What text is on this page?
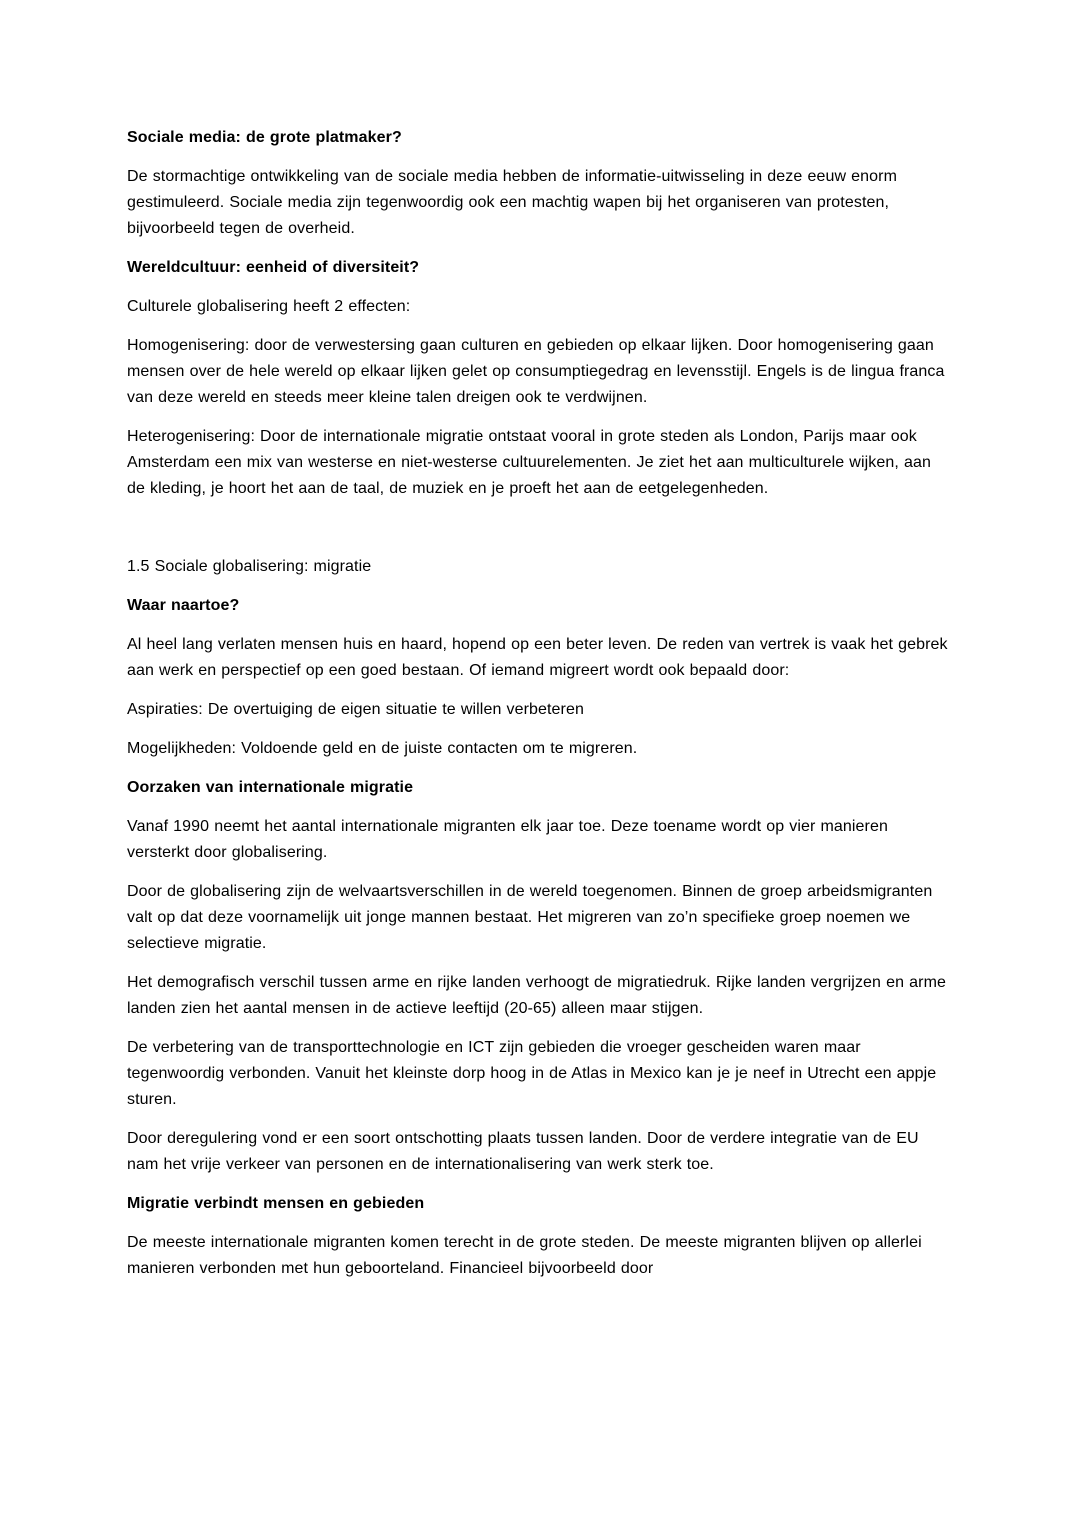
Sociale media: de grote platmaker?

De stormachtige ontwikkeling van de sociale media hebben de informatie-uitwisseling in deze eeuw enorm gestimuleerd. Sociale media zijn tegenwoordig ook een machtig wapen bij het organiseren van protesten, bijvoorbeeld tegen de overheid.

Wereldcultuur: eenheid of diversiteit?

Culturele globalisering heeft 2 effecten:

Homogenisering: door de verwestersing gaan culturen en gebieden op elkaar lijken. Door homogenisering gaan mensen over de hele wereld op elkaar lijken gelet op consumptiegedrag en levensstijl. Engels is de lingua franca van deze wereld en steeds meer kleine talen dreigen ook te verdwijnen.

Heterogenisering: Door de internationale migratie ontstaat vooral in grote steden als London, Parijs maar ook Amsterdam een mix van westerse en niet-westerse cultuurelementen. Je ziet het aan multiculturele wijken, aan de kleding, je hoort het aan de taal, de muziek en je proeft het aan de eetgelegenheden.

1.5 Sociale globalisering: migratie

Waar naartoe?

Al heel lang verlaten mensen huis en haard, hopend op een beter leven. De reden van vertrek is vaak het gebrek aan werk en perspectief op een goed bestaan. Of iemand migreert wordt ook bepaald door:

Aspiraties: De overtuiging de eigen situatie te willen verbeteren

Mogelijkheden: Voldoende geld en de juiste contacten om te migreren.

Oorzaken van internationale migratie

Vanaf 1990 neemt het aantal internationale migranten elk jaar toe. Deze toename wordt op vier manieren versterkt door globalisering.

Door de globalisering zijn de welvaartsverschillen in de wereld toegenomen. Binnen de groep arbeidsmigranten valt op dat deze voornamelijk uit jonge mannen bestaat. Het migreren van zo’n specifieke groep noemen we selectieve migratie.

Het demografisch verschil tussen arme en rijke landen verhoogt de migratiedruk. Rijke landen vergrijzen en arme landen zien het aantal mensen in de actieve leeftijd (20-65) alleen maar stijgen.

De verbetering van de transporttechnologie en ICT zijn gebieden die vroeger gescheiden waren maar tegenwoordig verbonden. Vanuit het kleinste dorp hoog in de Atlas in Mexico kan je je neef in Utrecht een appje sturen.

Door deregulering vond er een soort ontschotting plaats tussen landen. Door de verdere integratie van de EU nam het vrije verkeer van personen en de internationalisering van werk sterk toe.

Migratie verbindt mensen en gebieden

De meeste internationale migranten komen terecht in de grote steden. De meeste migranten blijven op allerlei manieren verbonden met hun geboorteland. Financieel bijvoorbeeld door
